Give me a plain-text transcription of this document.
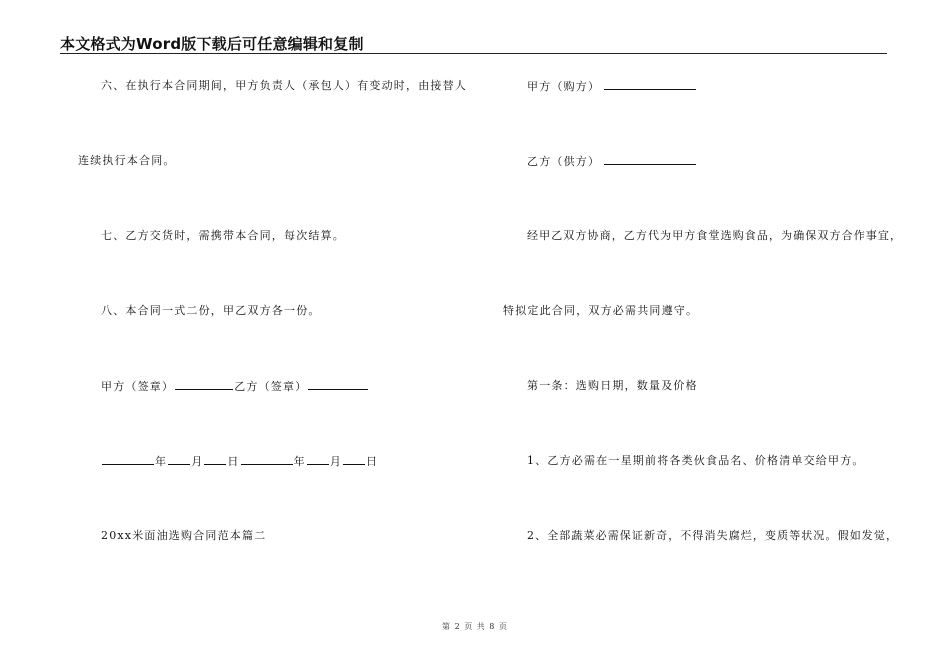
本文格式为Word版下载后可任意编辑和复制
六、在执行本合同期间，甲方负责人（承包人）有变动时，由接替人
连续执行本合同。
七、乙方交货时，需携带本合同，每次结算。
八、本合同一式二份，甲乙双方各一份。
甲方（签章）	乙方（签章）
年 月 日	年 月 日
20xx米面油选购合同范本篇二
甲方（购方）
乙方（供方）
经甲乙双方协商，乙方代为甲方食堂选购食品，为确保双方合作事宜，
特拟定此合同，双方必需共同遵守。
第一条：选购日期，数量及价格
1、乙方必需在一星期前将各类伙食品名、价格清单交给甲方。
2、全部蔬菜必需保证新奇，不得消失腐烂，变质等状况。假如发觉，
第 2 页 共 8 页
